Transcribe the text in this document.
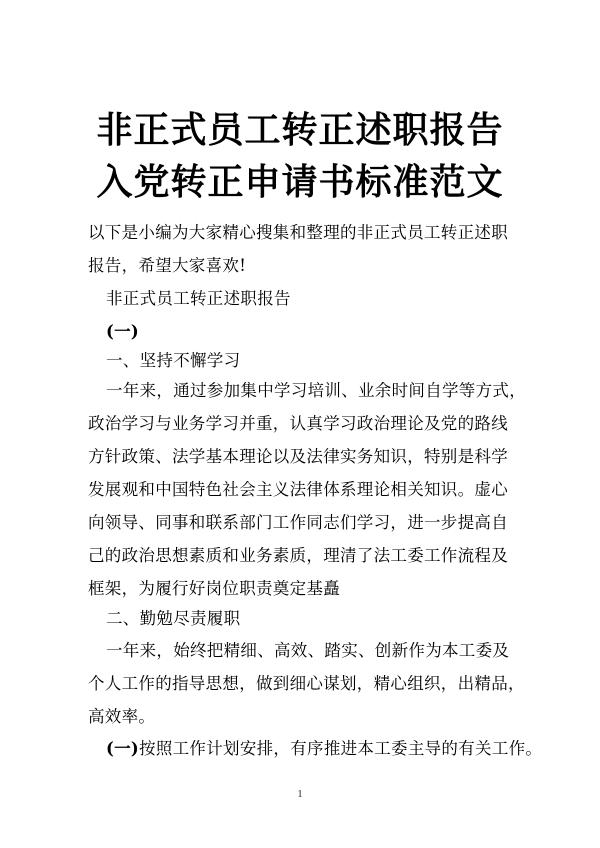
非正式员工转正述职报告
入党转正申请书标准范文
以下是小编为大家精心搜集和整理的非正式员工转正述职
报告，希望大家喜欢!
非正式员工转正述职报告
(一)
一、坚持不懈学习
一年来，通过参加集中学习培训、业余时间自学等方式，
政治学习与业务学习并重，认真学习政治理论及党的路线
方针政策、法学基本理论以及法律实务知识，特别是科学
发展观和中国特色社会主义法律体系理论相关知识。虚心
向领导、同事和联系部门工作同志们学习，进一步提高自
己的政治思想素质和业务素质，理清了法工委工作流程及
框架，为履行好岗位职责奠定基矗
二、勤勉尽责履职
一年来，始终把精细、高效、踏实、创新作为本工委及
个人工作的指导思想，做到细心谋划，精心组织，出精品，
高效率。
(一)按照工作计划安排，有序推进本工委主导的有关工作。
1
